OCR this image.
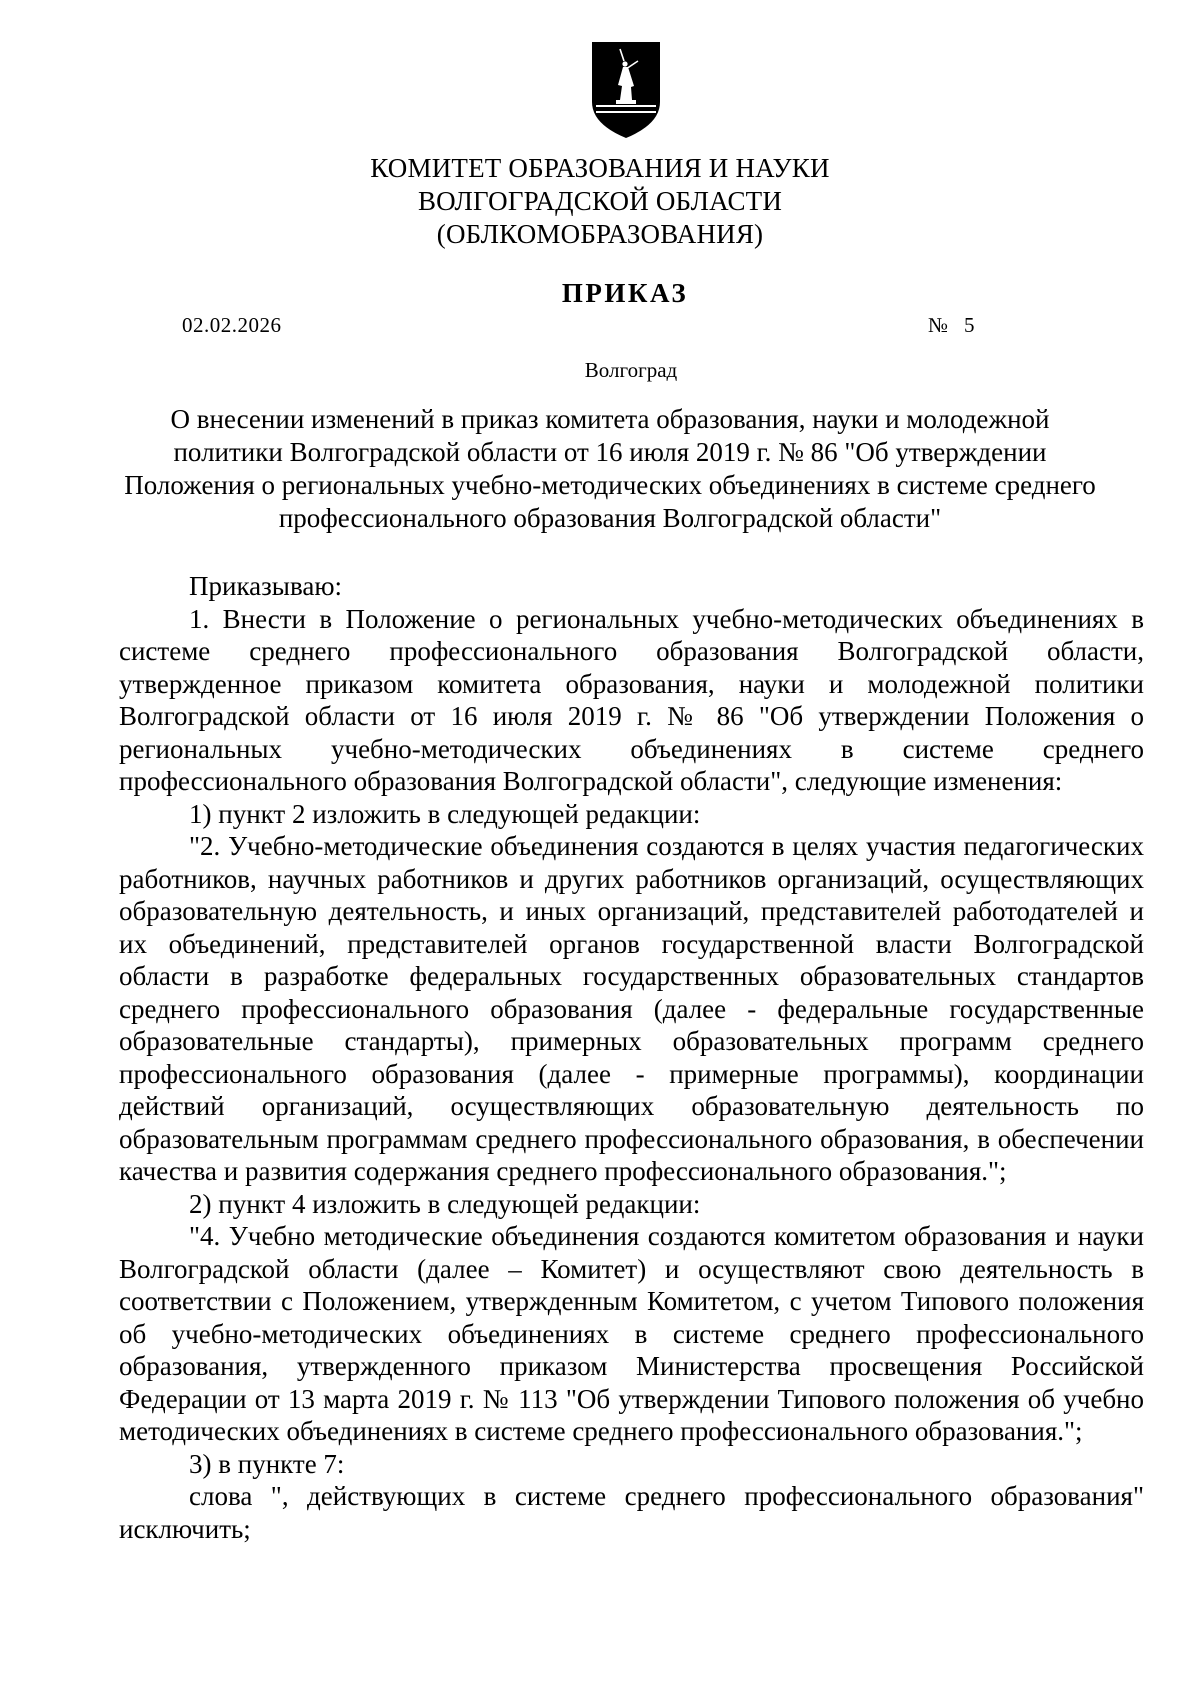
КОМИТЕТ ОБРАЗОВАНИЯ И НАУКИ
ВОЛГОГРАДСКОЙ ОБЛАСТИ
(ОБЛКОМОБРАЗОВАНИЯ)
ПРИКАЗ
02.02.2026	№ 5
Волгоград
О внесении изменений в приказ комитета образования, науки и молодежной
политики Волгоградской области от 16 июля 2019 г. № 86 "Об утверждении
Положения о региональных учебно-методических объединениях в системе среднего
профессионального образования Волгоградской области"

Приказываю:

1. Внести в Положение о региональных учебно-методических объединениях в системе среднего профессионального образования Волгоградской области, утвержденное приказом комитета образования, науки и молодежной политики Волгоградской области от 16 июля 2019 г. № 86 "Об утверждении Положения о региональных учебно-методических объединениях в системе среднего профессионального образования Волгоградской области", следующие изменения:

1) пункт 2 изложить в следующей редакции:

"2. Учебно-методические объединения создаются в целях участия педагогических работников, научных работников и других работников организаций, осуществляющих образовательную деятельность, и иных организаций, представителей работодателей и их объединений, представителей органов государственной власти Волгоградской области в разработке федеральных государственных образовательных стандартов среднего профессионального образования (далее - федеральные государственные образовательные стандарты), примерных образовательных программ среднего профессионального образования (далее - примерные программы), координации действий организаций, осуществляющих образовательную деятельность по образовательным программам среднего профессионального образования, в обеспечении качества и развития содержания среднего профессионального образования.";

2) пункт 4 изложить в следующей редакции:

"4. Учебно методические объединения создаются комитетом образования и науки Волгоградской области (далее – Комитет) и осуществляют свою деятельность в соответствии с Положением, утвержденным Комитетом, с учетом Типового положения об учебно-методических объединениях в системе среднего профессионального образования, утвержденного приказом Министерства просвещения Российской Федерации от 13 марта 2019 г. № 113 "Об утверждении Типового положения об учебно методических объединениях в системе среднего профессионального образования.";

3) в пункте 7:

слова ", действующих в системе среднего профессионального образования" исключить;
